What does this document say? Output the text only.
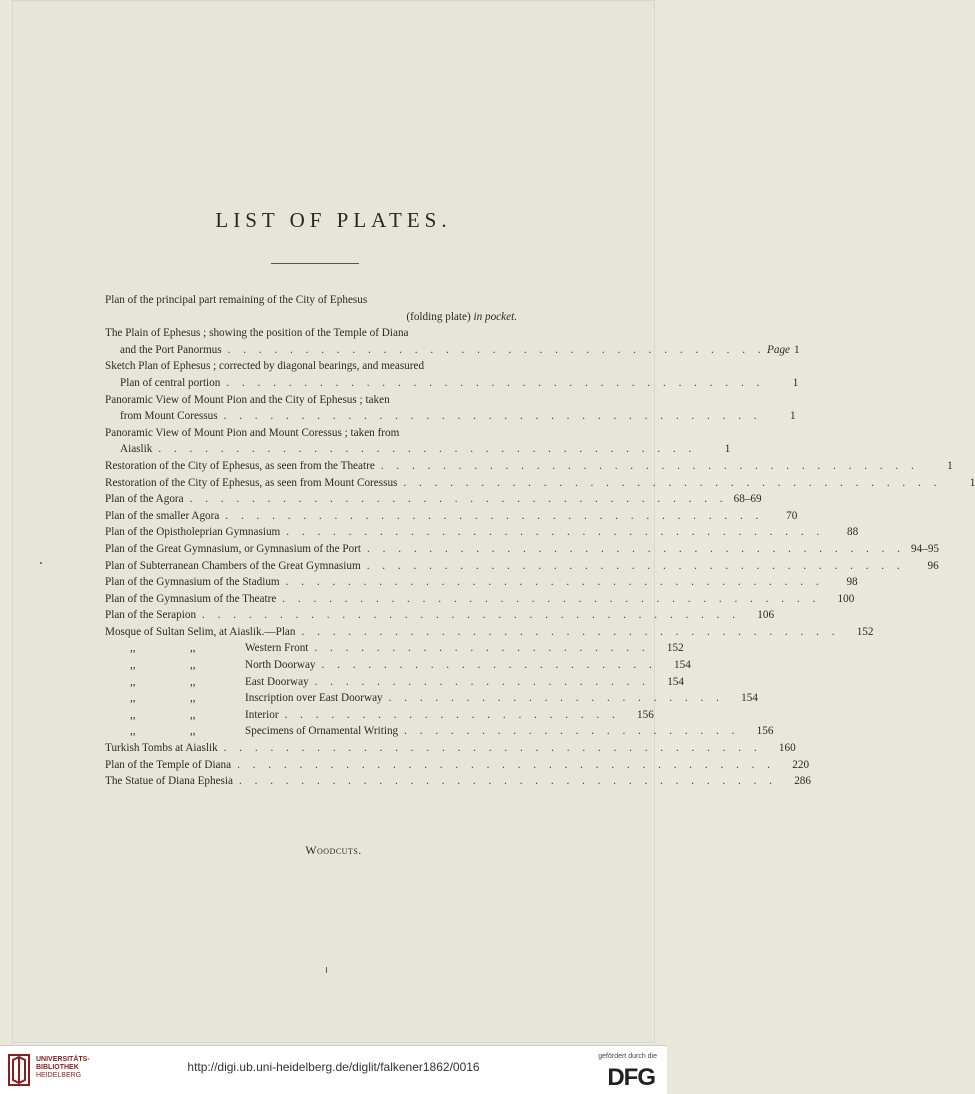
LIST OF PLATES.
Plan of the principal part remaining of the City of Ephesus
(folding plate) in pocket.
The Plain of Ephesus ; showing the position of the Temple of Diana
and the Port Panormus . . . . . . . . . . . . . . . . . . . . . . . . . . . . . . . . . . . Page 1
Sketch Plan of Ephesus ; corrected by diagonal bearings, and measured
Plan of central portion . . . . . . . . . . . . . . . . . . . . . . . . . . . . . . . . . . .	1
Panoramic View of Mount Pion and the City of Ephesus ; taken
from Mount Coressus . . . . . . . . . . . . . . . . . . . . . . . . . . . . . . . . . . .	1
Panoramic View of Mount Pion and Mount Coressus ; taken from
Aiaslik . . . . . . . . . . . . . . . . . . . . . . . . . . . . . . . . . . .	1
Restoration of the City of Ephesus, as seen from the Theatre . . . . . . . . . . . . . . . . . . . . . . . . . . . . . . . . . . .	1
Restoration of the City of Ephesus, as seen from Mount Coressus . . . . . . . . . . . . . . . . . . . . . . . . . . . . . . . . . . .	1
Plan of the Agora . . . . . . . . . . . . . . . . . . . . . . . . . . . . . . . . . . . 68–69
Plan of the smaller Agora . . . . . . . . . . . . . . . . . . . . . . . . . . . . . . . . . . .	70
Plan of the Opistholeprian Gymnasium . . . . . . . . . . . . . . . . . . . . . . . . . . . . . . . . . . .	88
Plan of the Great Gymnasium, or Gymnasium of the Port . . . . . . . . . . . . . . . . . . . . . . . . . . . . . . . . . . . 94–95
Plan of Subterranean Chambers of the Great Gymnasium . . . . . . . . . . . . . . . . . . . . . . . . . . . . . . . . . . .	96
Plan of the Gymnasium of the Stadium . . . . . . . . . . . . . . . . . . . . . . . . . . . . . . . . . . .	98
Plan of the Gymnasium of the Theatre . . . . . . . . . . . . . . . . . . . . . . . . . . . . . . . . . . .	100
Plan of the Serapion . . . . . . . . . . . . . . . . . . . . . . . . . . . . . . . . . . .	106
Mosque of Sultan Selim, at Aiaslik.—Plan . . . . . . . . . . . . . . . . . . . . . . . . . . . . . . . . . . .	152
,,	,,	Western Front . . . . . . . . . . . . . . . . . . . . . .	152
,,	,,	North Doorway . . . . . . . . . . . . . . . . . . . . . .	154
,,	,,	East Doorway . . . . . . . . . . . . . . . . . . . . . .	154
,,	,,	Inscription over East Doorway . . . . . . . . . . . . . . . . . . . . . .	154
,,	,,	Interior . . . . . . . . . . . . . . . . . . . . . .	156
,,	,,	Specimens of Ornamental Writing . . . . . . . . . . . . . . . . . . . . . .	156
Turkish Tombs at Aiaslik . . . . . . . . . . . . . . . . . . . . . . . . . . . . . . . . . . .	160
Plan of the Temple of Diana . . . . . . . . . . . . . . . . . . . . . . . . . . . . . . . . . . .	220
The Statue of Diana Ephesia . . . . . . . . . . . . . . . . . . . . . . . . . . . . . . . . . . .	286
Woodcuts.
UNIVERSITÄTS-
BIBLIOTHEK
HEIDELBERG
http://digi.ub.uni-heidelberg.de/diglit/falkener1862/0016
gefördert durch die
DFG
